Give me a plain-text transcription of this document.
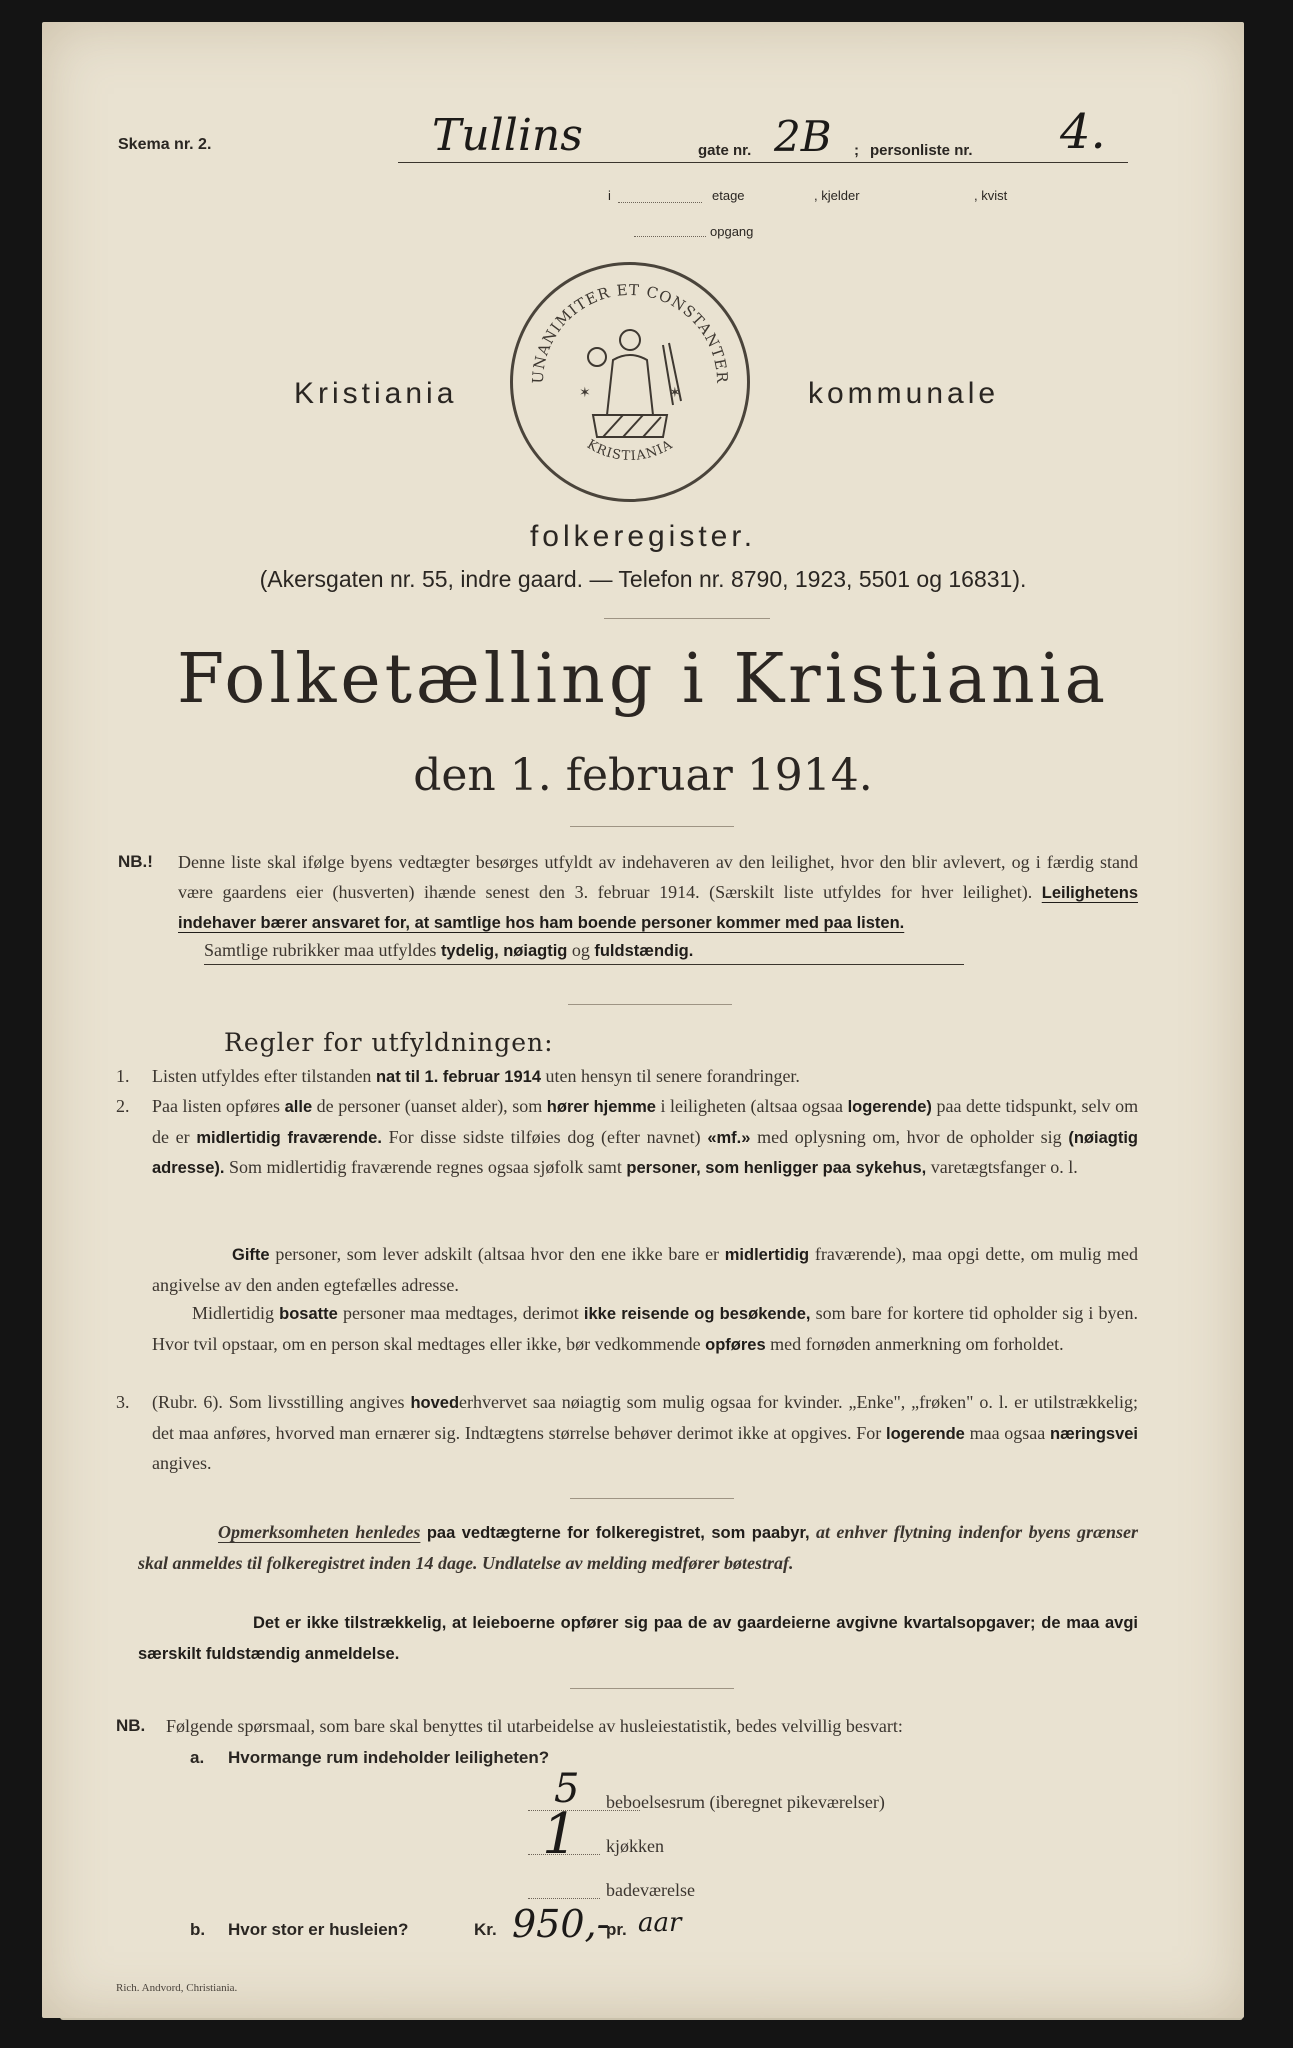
Skema nr. 2.	Tullins	gate nr. 2B ; personliste nr. 4.
i	etage	, kjelder	, kvist
opgang
UNANIMITER ET CONSTANTER
KRISTIANIA
✶	✶
Kristiania	kommunale
folkeregister.
(Akersgaten nr. 55, indre gaard. — Telefon nr. 8790, 1923, 5501 og 16831).
Folketælling i Kristiania
den 1. februar 1914.
NB.! Denne liste skal ifølge byens vedtægter besørges utfyldt av indehaveren av den leilighet, hvor den blir avlevert, og i færdig stand være gaardens eier (husverten) ihænde senest den 3. februar 1914. (Særskilt liste utfyldes for hver leilighet). Leilighetens indehaver bærer ansvaret for, at samtlige hos ham boende personer kommer med paa listen.
Samtlige rubrikker maa utfyldes tydelig, nøiagtig og fuldstændig.
Regler for utfyldningen:
1. Listen utfyldes efter tilstanden nat til 1. februar 1914 uten hensyn til senere forandringer.
2. Paa listen opføres alle de personer (uanset alder), som hører hjemme i leiligheten (altsaa ogsaa logerende) paa dette tidspunkt, selv om de er midlertidig fraværende. For disse sidste tilføies dog (efter navnet) «mf.» med oplysning om, hvor de opholder sig (nøiagtig adresse). Som midlertidig fraværende regnes ogsaa sjøfolk samt personer, som henligger paa sykehus, varetægtsfanger o. l.
Gifte personer, som lever adskilt (altsaa hvor den ene ikke bare er midlertidig fraværende), maa opgi dette, om mulig med angivelse av den anden egtefælles adresse.
Midlertidig bosatte personer maa medtages, derimot ikke reisende og besøkende, som bare for kortere tid opholder sig i byen. Hvor tvil opstaar, om en person skal medtages eller ikke, bør vedkommende opføres med fornøden anmerkning om forholdet.
3. (Rubr. 6). Som livsstilling angives hovederhvervet saa nøiagtig som mulig ogsaa for kvinder. „Enke", „frøken" o. l. er utilstrækkelig; det maa anføres, hvorved man ernærer sig. Indtægtens størrelse behøver derimot ikke at opgives. For logerende maa ogsaa næringsvei angives.
Opmerksomheten henledes paa vedtægterne for folkeregistret, som paabyr, at enhver flytning indenfor byens grænser skal anmeldes til folkeregistret inden 14 dage. Undlatelse av melding medfører bøtestraf.
Det er ikke tilstrækkelig, at leieboerne opfører sig paa de av gaardeierne avgivne kvartalsopgaver; de maa avgi særskilt fuldstændig anmeldelse.
NB. Følgende spørsmaal, som bare skal benyttes til utarbeidelse av husleiestatistik, bedes velvillig besvart:
a. Hvormange rum indeholder leiligheten?
5 beboelsesrum (iberegnet pikeværelser)
1 kjøkken
badeværelse
b. Hvor stor er husleien?	Kr. 950,-
pr. aar
Rich. Andvord, Christiania.
